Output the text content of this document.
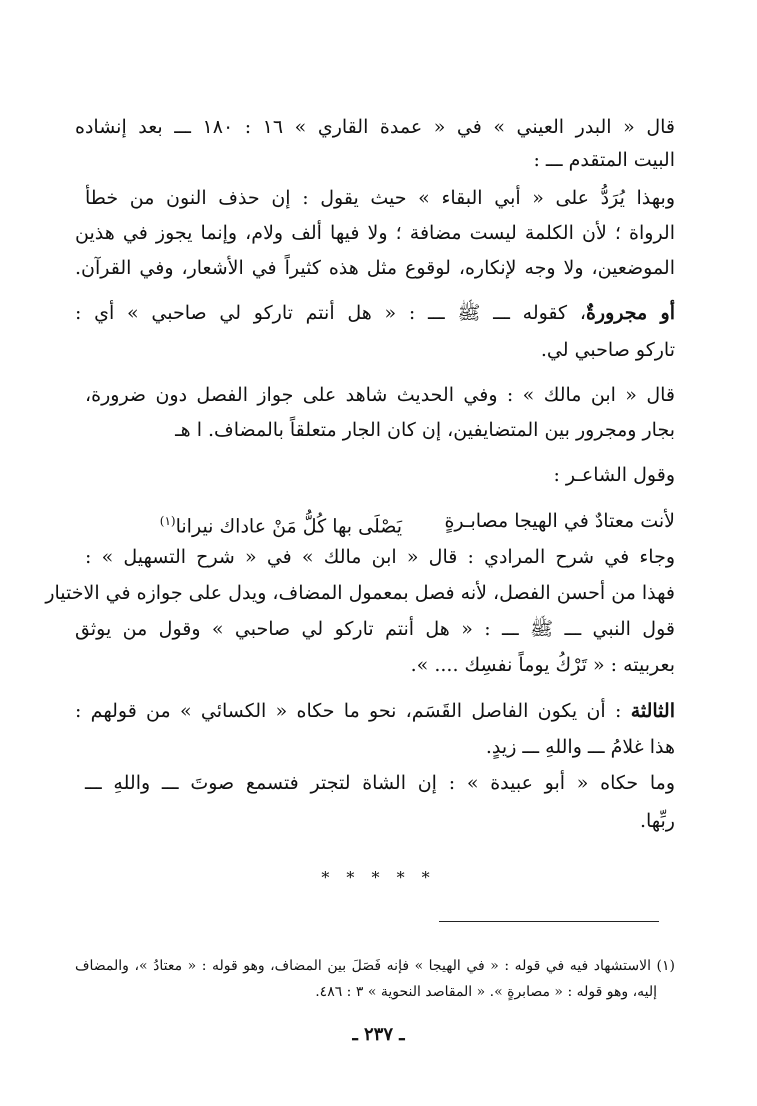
قال « البدر العيني » في « عمدة القاري » ١٦ : ١٨٠ ـــ بعد إنشاده
البيت المتقدم ـــ :
وبهذا يُرَدُّ على « أبي البقاء » حيث يقول : إن حذف النون من خطأ
الرواة ؛ لأن الكلمة ليست مضافة ؛ ولا فيها ألف ولام، وإنما يجوز في هذين
الموضعين، ولا وجه لإنكاره، لوقوع مثل هذه كثيراً في الأشعار، وفي القرآن.
أو مجرورةٌ، كقوله ـــ ﷺ ـــ : « هل أنتم تاركو لي صاحبي » أي :
تاركو صاحبي لي.
قال « ابن مالك » : وفي الحديث شاهد على جواز الفصل دون ضرورة،
بجار ومجرور بين المتضايفين، إن كان الجار متعلقاً بالمضاف. ا هـ
وقول الشاعـر :
لأنت معتادٌ في الهيجا مصابـرةٍ
يَصْلَى بها كُلُّ مَنْ عاداك نيرانا$^{(١)}$
وجاء في شرح المرادي : قال « ابن مالك » في « شرح التسهيل » :
فهذا من أحسن الفصل، لأنه فصل بمعمول المضاف، ويدل على جوازه في الاختيار
قول النبي ـــ ﷺ ـــ : « هل أنتم تاركو لي صاحبي » وقول من يوثق
بعربيته : « تَرْكُ يوماً نفسِك .... ».
الثالثة : أن يكون الفاصل القَسَم، نحو ما حكاه « الكسائي » من قولهم :
هذا غلامُ ـــ واللهِ ـــ زيدٍ.
وما حكاه « أبو عبيدة » : إن الشاة لتجتر فتسمع صوتَ ـــ واللهِ ـــ
ربِّها.
* * * * *
(١) الاستشهاد فيه في قوله : « في الهيجا » فإنه فَصَلَ بين المضاف، وهو قوله : « معتادُ »، والمضاف
إليه، وهو قوله : « مصابرةٍ ». « المقاصد النحوية » ٣ : ٤٨٦.
ـ ٢٣٧ ـ
